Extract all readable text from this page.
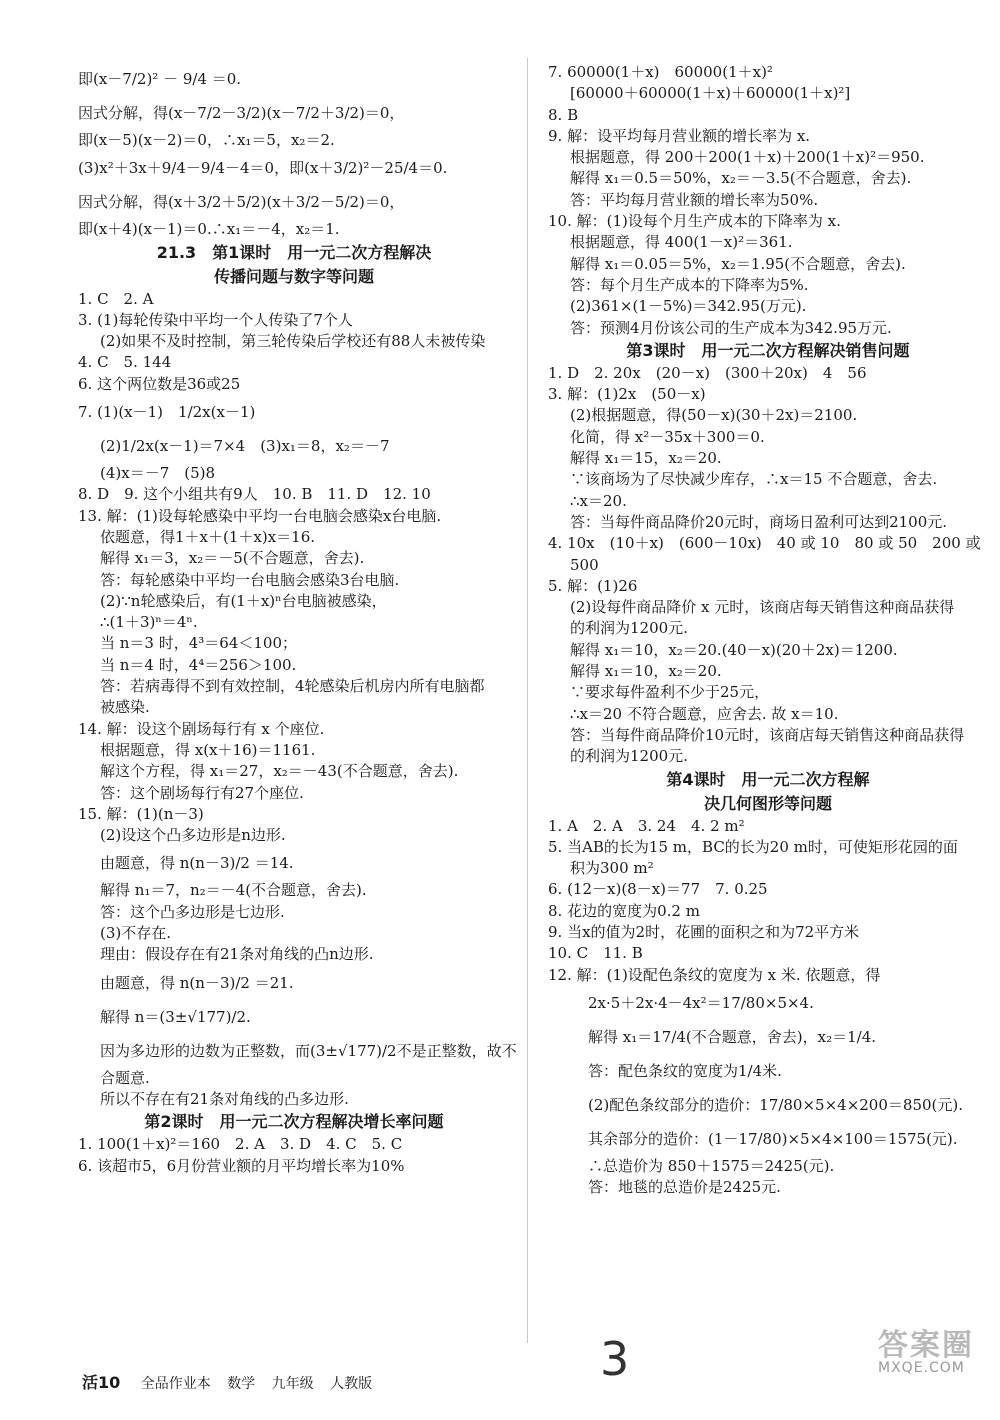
即(x－7/2)² － 9/4 ＝0.
因式分解，得(x－7/2－3/2)(x－7/2＋3/2)＝0，
即(x－5)(x－2)＝0，∴x₁＝5，x₂＝2.
(3)x²＋3x＋9/4－9/4－4＝0，即(x＋3/2)²－25/4＝0.
因式分解，得(x＋3/2＋5/2)(x＋3/2－5/2)＝0，
即(x＋4)(x－1)＝0.∴x₁＝－4，x₂＝1.
21.3　第1课时　用一元二次方程解决
传播问题与数字等问题
1. C　2. A
3. (1)每轮传染中平均一个人传染了7个人
(2)如果不及时控制，第三轮传染后学校还有88人未被传染
4. C　5. 144
6. 这个两位数是36或25
7. (1)(x－1)　1/2x(x－1)
(2)1/2x(x－1)＝7×4　(3)x₁＝8，x₂＝－7
(4)x＝－7　(5)8
8. D　9. 这个小组共有9人　10. B　11. D　12. 10
13. 解：(1)设每轮感染中平均一台电脑会感染x台电脑.
依题意，得1＋x＋(1＋x)x＝16.
解得 x₁＝3，x₂＝－5(不合题意，舍去).
答：每轮感染中平均一台电脑会感染3台电脑.
(2)∵n轮感染后，有(1＋x)ⁿ台电脑被感染，
∴(1＋3)ⁿ＝4ⁿ.
当 n＝3 时，4³＝64＜100；
当 n＝4 时，4⁴＝256＞100.
答：若病毒得不到有效控制，4轮感染后机房内所有电脑都
被感染.
14. 解：设这个剧场每行有 x 个座位.
根据题意，得 x(x＋16)＝1161.
解这个方程，得 x₁＝27，x₂＝－43(不合题意，舍去).
答：这个剧场每行有27个座位.
15. 解：(1)(n－3)
(2)设这个凸多边形是n边形.
由题意，得 n(n－3)/2 ＝14.
解得 n₁＝7，n₂＝－4(不合题意，舍去).
答：这个凸多边形是七边形.
(3)不存在.
理由：假设存在有21条对角线的凸n边形.
由题意，得 n(n－3)/2 ＝21.
解得 n＝(3±√177)/2.
因为多边形的边数为正整数，而(3±√177)/2不是正整数，故不
合题意.
所以不存在有21条对角线的凸多边形.
第2课时　用一元二次方程解决增长率问题
1. 100(1＋x)²＝160　2. A　3. D　4. C　5. C
6. 该超市5，6月份营业额的月平均增长率为10%
7. 60000(1＋x)　60000(1＋x)²
[60000＋60000(1＋x)＋60000(1＋x)²]
8. B
9. 解：设平均每月营业额的增长率为 x.
根据题意，得 200＋200(1＋x)＋200(1＋x)²＝950.
解得 x₁＝0.5＝50%，x₂＝－3.5(不合题意，舍去).
答：平均每月营业额的增长率为50%.
10. 解：(1)设每个月生产成本的下降率为 x.
根据题意，得 400(1－x)²＝361.
解得 x₁＝0.05＝5%，x₂＝1.95(不合题意，舍去).
答：每个月生产成本的下降率为5%.
(2)361×(1－5%)＝342.95(万元).
答：预测4月份该公司的生产成本为342.95万元.
第3课时　用一元二次方程解决销售问题
1. D　2. 20x　(20－x)　(300＋20x)　4　56
3. 解：(1)2x　(50－x)
(2)根据题意，得(50－x)(30＋2x)＝2100.
化简，得 x²－35x＋300＝0.
解得 x₁＝15，x₂＝20.
∵该商场为了尽快减少库存，∴x＝15 不合题意，舍去.
∴x＝20.
答：当每件商品降价20元时，商场日盈利可达到2100元.
4. 10x　(10＋x)　(600－10x)　40 或 10　80 或 50　200 或
500
5. 解：(1)26
(2)设每件商品降价 x 元时，该商店每天销售这种商品获得
的利润为1200元.
解得 x₁＝10，x₂＝20.(40－x)(20＋2x)＝1200.
解得 x₁＝10，x₂＝20.
∵要求每件盈利不少于25元，
∴x＝20 不符合题意，应舍去. 故 x＝10.
答：当每件商品降价10元时，该商店每天销售这种商品获得
的利润为1200元.
第4课时　用一元二次方程解
决几何图形等问题
1. A　2. A　3. 24　4. 2 m²
5. 当AB的长为15 m，BC的长为20 m时，可使矩形花园的面
积为300 m²
6. (12－x)(8－x)＝77　7. 0.25
8. 花边的宽度为0.2 m
9. 当x的值为2时，花圃的面积之和为72平方米
10. C　11. B
12. 解：(1)设配色条纹的宽度为 x 米. 依题意，得
2x·5＋2x·4－4x²＝17/80×5×4.
解得 x₁＝17/4(不合题意，舍去)，x₂＝1/4.
答：配色条纹的宽度为1/4米.
(2)配色条纹部分的造价：17/80×5×4×200＝850(元).
其余部分的造价：(1－17/80)×5×4×100＝1575(元).
∴总造价为 850＋1575＝2425(元).
答：地毯的总造价是2425元.
活10 全品作业本 数学 九年级 人教版	3	答案圈
MXQE.COM
